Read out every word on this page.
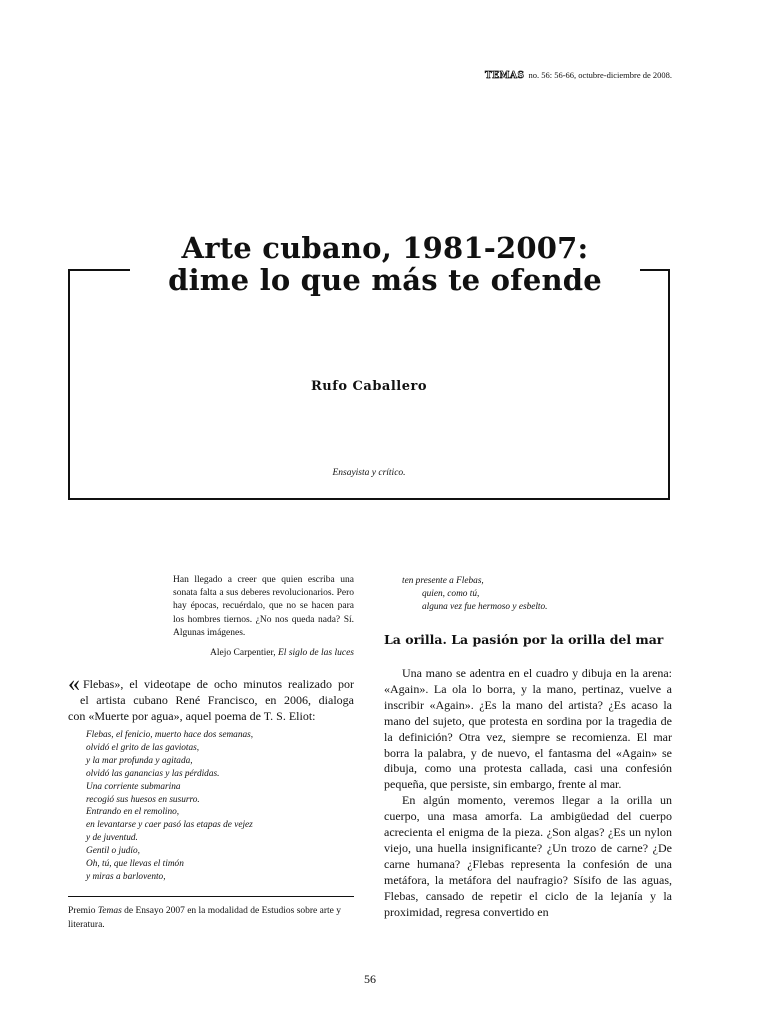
TEMAS no. 56: 56-66, octubre-diciembre de 2008.
Arte cubano, 1981-2007:
dime lo que más te ofende
Rufo Caballero
Ensayista y crítico.
Han llegado a creer que quien escriba una sonata falta a sus deberes revolucionarios. Pero hay épocas, recuérdalo, que no se hacen para los hombres tiernos. ¿No nos queda nada? Sí. Algunas imágenes.
Alejo Carpentier, El siglo de las luces
« Flebas», el videotape de ocho minutos realizado por
el artista cubano René Francisco, en 2006, dialoga
con «Muerte por agua», aquel poema de T. S. Eliot:
Flebas, el fenicio, muerto hace dos semanas,
olvidó el grito de las gaviotas,
y la mar profunda y agitada,
olvidó las ganancias y las pérdidas.
Una corriente submarina
recogió sus huesos en susurro.
Entrando en el remolino,
en levantarse y caer pasó las etapas de vejez
y de juventud.
Gentil o judío,
Oh, tú, que llevas el timón
y miras a barlovento,
Premio Temas de Ensayo 2007 en la modalidad de Estudios sobre arte y literatura.
ten presente a Flebas,
quien, como tú,
alguna vez fue hermoso y esbelto.
La orilla. La pasión por la orilla del mar

Una mano se adentra en el cuadro y dibuja en la arena: «Again». La ola lo borra, y la mano, pertinaz, vuelve a inscribir «Again». ¿Es la mano del artista? ¿Es acaso la mano del sujeto, que protesta en sordina por la tragedia de la definición? Otra vez, siempre se recomienza. El mar borra la palabra, y de nuevo, el fantasma del «Again» se dibuja, como una protesta callada, casi una confesión pequeña, que persiste, sin embargo, frente al mar.

En algún momento, veremos llegar a la orilla un cuerpo, una masa amorfa. La ambigüedad del cuerpo acrecienta el enigma de la pieza. ¿Son algas? ¿Es un nylon viejo, una huella insignificante? ¿Un trozo de carne? ¿De carne humana? ¿Flebas representa la confesión de una metáfora, la metáfora del naufragio? Sísifo de las aguas, Flebas, cansado de repetir el ciclo de la lejanía y la proximidad, regresa convertido en

56
